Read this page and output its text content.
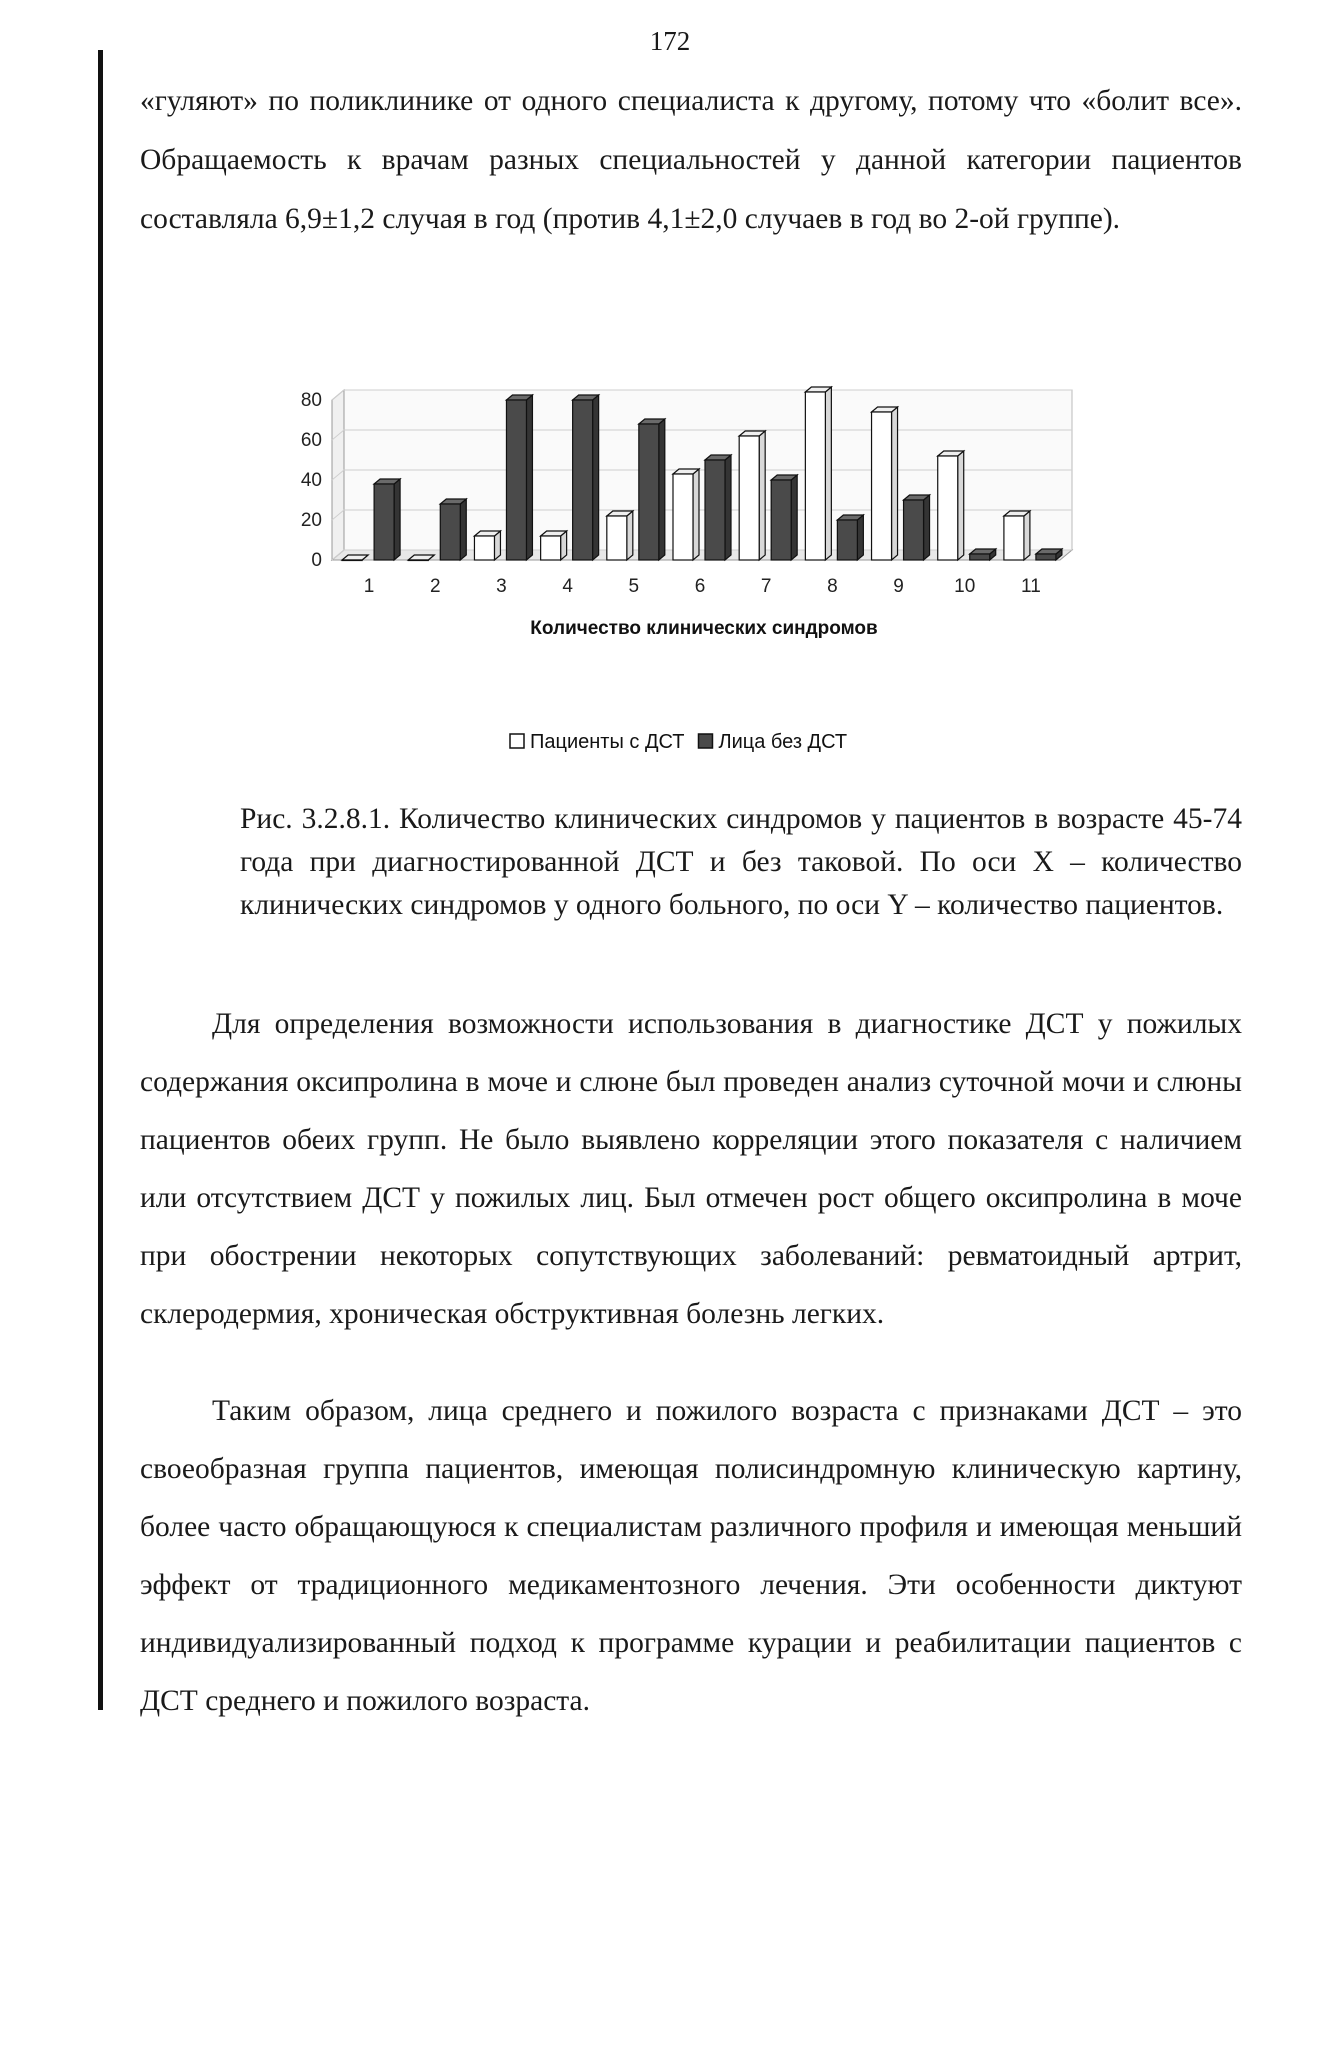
172

«гуляют» по поликлинике от одного специалиста к другому, потому что «болит все». Обращаемость к врачам разных специальностей у данной категории пациентов составляла 6,9±1,2 случая в год (против 4,1±2,0 случаев в год во 2-ой группе).

0
20
40
60
80
1	2	3	4	5	6	7	8	9	10 11
Количество клинических синдромов
Пациенты с ДСТ Лица без ДСТ
Рис. 3.2.8.1. Количество клинических синдромов у пациентов в возрасте 45-74 года при диагностированной ДСТ и без таковой. По оси X – количество клинических синдромов у одного больного, по оси Y – количество пациентов.

Для определения возможности использования в диагностике ДСТ у пожилых содержания оксипролина в моче и слюне был проведен анализ суточной мочи и слюны пациентов обеих групп. Не было выявлено корреляции этого показателя с наличием или отсутствием ДСТ у пожилых лиц. Был отмечен рост общего оксипролина в моче при обострении некоторых сопутствующих заболеваний: ревматоидный артрит, склеродермия, хроническая обструктивная болезнь легких.

Таким образом, лица среднего и пожилого возраста с признаками ДСТ – это своеобразная группа пациентов, имеющая полисиндромную клиническую картину, более часто обращающуюся к специалистам различного профиля и имеющая меньший эффект от традиционного медикаментозного лечения. Эти особенности диктуют индивидуализированный подход к программе курации и реабилитации пациентов с ДСТ среднего и пожилого возраста.
